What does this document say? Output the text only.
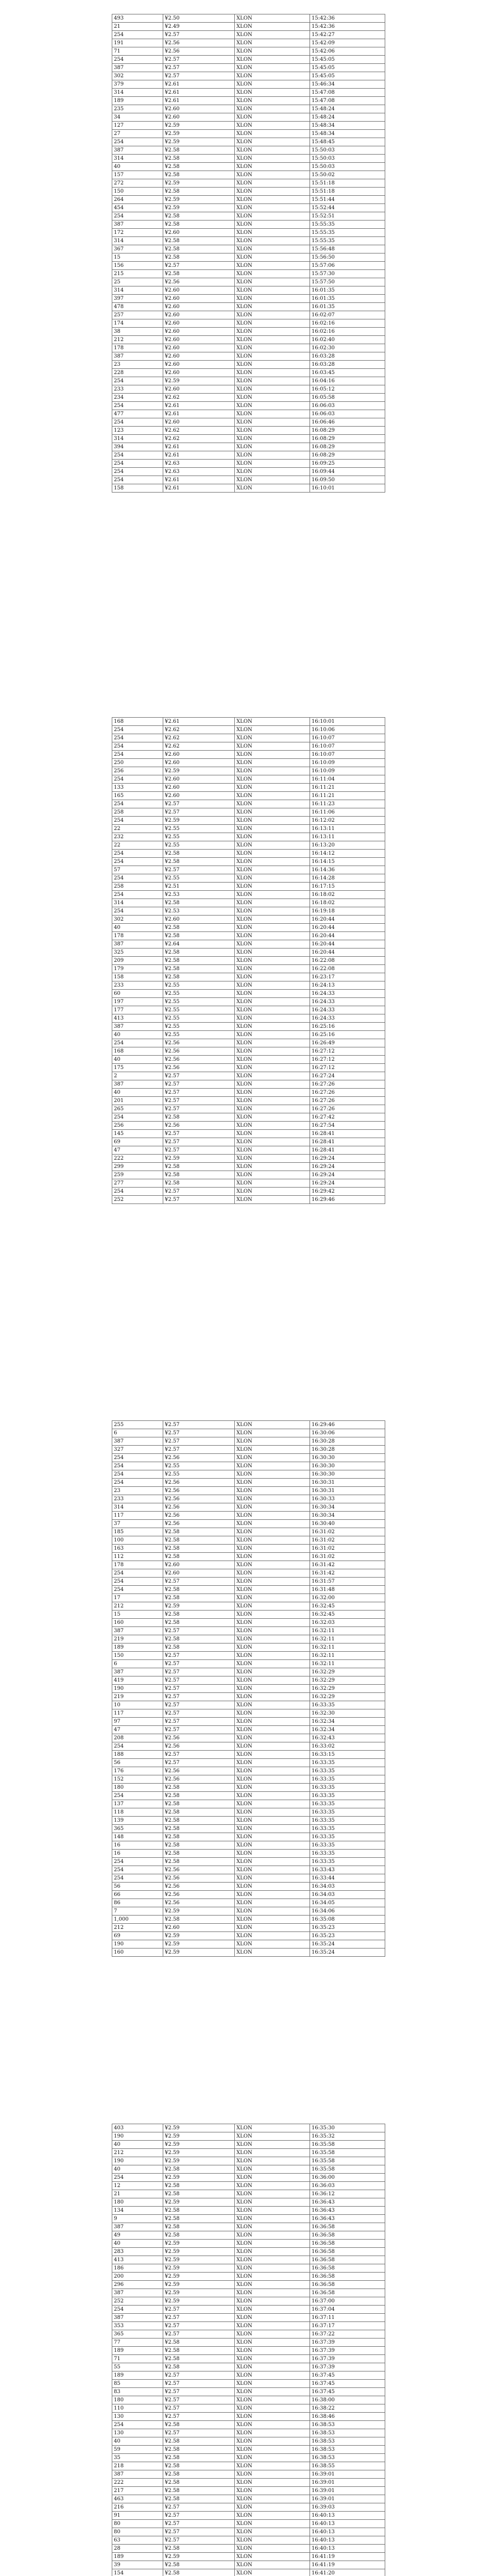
493	¥2.50	XLON	15:42:36
21	¥2.49	XLON	15:42:36
254	¥2.57	XLON	15:42:27
191	¥2.56	XLON	15:42:09
71	¥2.56	XLON	15:42:06
254	¥2.57	XLON	15:45:05
387	¥2.57	XLON	15:45:05
302	¥2.57	XLON	15:45:05
379	¥2.61	XLON	15:46:34
314	¥2.61	XLON	15:47:08
189	¥2.61	XLON	15:47:08
235	¥2.60	XLON	15:48:24
34	¥2.60	XLON	15:48:24
127	¥2.59	XLON	15:48:34
27	¥2.59	XLON	15:48:34
254	¥2.59	XLON	15:48:45
387	¥2.58	XLON	15:50:03
314	¥2.58	XLON	15:50:03
40	¥2.58	XLON	15:50:03
157	¥2.58	XLON	15:50:02
272	¥2.59	XLON	15:51:18
150	¥2.58	XLON	15:51:18
264	¥2.59	XLON	15:51:44
454	¥2.59	XLON	15:52:44
254	¥2.58	XLON	15:52:51
387	¥2.58	XLON	15:55:35
172	¥2.60	XLON	15:55:35
314	¥2.58	XLON	15:55:35
367	¥2.58	XLON	15:56:48
15	¥2.58	XLON	15:56:50
156	¥2.57	XLON	15:57:06
215	¥2.58	XLON	15:57:30
25	¥2.56	XLON	15:57:50
314	¥2.60	XLON	16:01:35
397	¥2.60	XLON	16:01:35
478	¥2.60	XLON	16:01:35
257	¥2.60	XLON	16:02:07
174	¥2.60	XLON	16:02:16
38	¥2.60	XLON	16:02:16
212	¥2.60	XLON	16:02:40
178	¥2.60	XLON	16:02:30
387	¥2.60	XLON	16:03:28
23	¥2.60	XLON	16:03:28
228	¥2.60	XLON	16:03:45
254	¥2.59	XLON	16:04:16
233	¥2.60	XLON	16:05:12
234	¥2.62	XLON	16:05:58
254	¥2.61	XLON	16:06:03
477	¥2.61	XLON	16:06:03
254	¥2.60	XLON	16:06:46
123	¥2.62	XLON	16:08:29
314	¥2.62	XLON	16:08:29
394	¥2.61	XLON	16:08:29
254	¥2.61	XLON	16:08:29
254	¥2.63	XLON	16:09:25
254	¥2.63	XLON	16:09:44
254	¥2.61	XLON	16:09:50
158	¥2.61	XLON	16:10:01
168	¥2.61	XLON	16:10:01
254	¥2.62	XLON	16:10:06
254	¥2.62	XLON	16:10:07
254	¥2.62	XLON	16:10:07
254	¥2.60	XLON	16:10:07
250	¥2.60	XLON	16:10:09
256	¥2.59	XLON	16:10:09
254	¥2.60	XLON	16:11:04
133	¥2.60	XLON	16:11:21
165	¥2.60	XLON	16:11:21
254	¥2.57	XLON	16:11:23
258	¥2.57	XLON	16:11:06
254	¥2.59	XLON	16:12:02
22	¥2.55	XLON	16:13:11
232	¥2.55	XLON	16:13:11
22	¥2.55	XLON	16:13:20
254	¥2.58	XLON	16:14:12
254	¥2.58	XLON	16:14:15
57	¥2.57	XLON	16:14:36
254	¥2.55	XLON	16:14:28
258	¥2.51	XLON	16:17:15
254	¥2.53	XLON	16:18:02
314	¥2.58	XLON	16:18:02
254	¥2.53	XLON	16:19:18
302	¥2.60	XLON	16:20:44
40	¥2.58	XLON	16:20:44
178	¥2.58	XLON	16:20:44
387	¥2.64	XLON	16:20:44
325	¥2.58	XLON	16:20:44
209	¥2.58	XLON	16:22:08
179	¥2.58	XLON	16:22:08
158	¥2.58	XLON	16:23:17
233	¥2.55	XLON	16:24:13
60	¥2.55	XLON	16:24:33
197	¥2.55	XLON	16:24:33
177	¥2.55	XLON	16:24:33
413	¥2.55	XLON	16:24:33
387	¥2.55	XLON	16:25:16
40	¥2.55	XLON	16:25:16
254	¥2.56	XLON	16:26:49
168	¥2.56	XLON	16:27:12
40	¥2.56	XLON	16:27:12
175	¥2.56	XLON	16:27:12
2	¥2.57	XLON	16:27:24
387	¥2.57	XLON	16:27:26
40	¥2.57	XLON	16:27:26
201	¥2.57	XLON	16:27:26
265	¥2.57	XLON	16:27:26
254	¥2.58	XLON	16:27:42
256	¥2.56	XLON	16:27:54
145	¥2.57	XLON	16:28:41
69	¥2.57	XLON	16:28:41
47	¥2.57	XLON	16:28:41
222	¥2.59	XLON	16:29:24
299	¥2.58	XLON	16:29:24
259	¥2.58	XLON	16:29:24
277	¥2.58	XLON	16:29:24
254	¥2.57	XLON	16:29:42
252	¥2.57	XLON	16:29:46
255	¥2.57	XLON	16:29:46
6	¥2.57	XLON	16:30:06
387	¥2.57	XLON	16:30:28
327	¥2.57	XLON	16:30:28
254	¥2.56	XLON	16:30:30
254	¥2.55	XLON	16:30:30
254	¥2.55	XLON	16:30:30
254	¥2.56	XLON	16:30:31
23	¥2.56	XLON	16:30:31
233	¥2.56	XLON	16:30:33
314	¥2.56	XLON	16:30:34
117	¥2.56	XLON	16:30:34
37	¥2.56	XLON	16:30:40
185	¥2.58	XLON	16:31:02
100	¥2.58	XLON	16:31:02
163	¥2.58	XLON	16:31:02
112	¥2.58	XLON	16:31:02
178	¥2.60	XLON	16:31:42
254	¥2.60	XLON	16:31:42
254	¥2.57	XLON	16:31:57
254	¥2.58	XLON	16:31:48
17	¥2.58	XLON	16:32:00
212	¥2.59	XLON	16:32:45
15	¥2.58	XLON	16:32:45
160	¥2.58	XLON	16:32:03
387	¥2.57	XLON	16:32:11
219	¥2.58	XLON	16:32:11
189	¥2.58	XLON	16:32:11
150	¥2.57	XLON	16:32:11
6	¥2.57	XLON	16:32:11
387	¥2.57	XLON	16:32:29
419	¥2.57	XLON	16:32:29
190	¥2.57	XLON	16:32:29
219	¥2.57	XLON	16:32:29
10	¥2.57	XLON	16:33:35
117	¥2.57	XLON	16:32:30
97	¥2.57	XLON	16:32:34
47	¥2.57	XLON	16:32:34
208	¥2.56	XLON	16:32:43
254	¥2.56	XLON	16:33:02
188	¥2.57	XLON	16:33:15
56	¥2.57	XLON	16:33:35
176	¥2.56	XLON	16:33:35
152	¥2.56	XLON	16:33:35
180	¥2.58	XLON	16:33:35
254	¥2.58	XLON	16:33:35
137	¥2.58	XLON	16:33:35
118	¥2.58	XLON	16:33:35
139	¥2.58	XLON	16:33:35
365	¥2.58	XLON	16:33:35
148	¥2.58	XLON	16:33:35
16	¥2.58	XLON	16:33:35
16	¥2.58	XLON	16:33:35
254	¥2.58	XLON	16:33:35
254	¥2.56	XLON	16:33:43
254	¥2.56	XLON	16:33:44
56	¥2.56	XLON	16:34:03
66	¥2.56	XLON	16:34:03
86	¥2.56	XLON	16:34:05
7	¥2.59	XLON	16:34:06
1,000	¥2.58	XLON	16:35:08
212	¥2.60	XLON	16:35:23
69	¥2.59	XLON	16:35:23
190	¥2.59	XLON	16:35:24
160	¥2.59	XLON	16:35:24
403	¥2.59	XLON	16:35:30
190	¥2.59	XLON	16:35:32
40	¥2.59	XLON	16:35:58
212	¥2.59	XLON	16:35:58
190	¥2.59	XLON	16:35:58
40	¥2.58	XLON	16:35:58
254	¥2.59	XLON	16:36:00
12	¥2.58	XLON	16:36:03
21	¥2.58	XLON	16:36:12
180	¥2.59	XLON	16:36:43
134	¥2.58	XLON	16:36:43
9	¥2.58	XLON	16:36:43
387	¥2.58	XLON	16:36:58
49	¥2.58	XLON	16:36:58
40	¥2.59	XLON	16:36:58
283	¥2.59	XLON	16:36:58
413	¥2.59	XLON	16:36:58
186	¥2.59	XLON	16:36:58
200	¥2.59	XLON	16:36:58
296	¥2.59	XLON	16:36:58
387	¥2.59	XLON	16:36:58
252	¥2.59	XLON	16:37:00
254	¥2.57	XLON	16:37:04
387	¥2.57	XLON	16:37:11
353	¥2.57	XLON	16:37:17
365	¥2.57	XLON	16:37:22
77	¥2.58	XLON	16:37:39
189	¥2.58	XLON	16:37:39
71	¥2.58	XLON	16:37:39
55	¥2.58	XLON	16:37:39
189	¥2.57	XLON	16:37:45
85	¥2.57	XLON	16:37:45
83	¥2.57	XLON	16:37:45
180	¥2.57	XLON	16:38:00
110	¥2.57	XLON	16:38:22
130	¥2.57	XLON	16:38:46
254	¥2.58	XLON	16:38:53
130	¥2.57	XLON	16:38:53
40	¥2.58	XLON	16:38:53
59	¥2.58	XLON	16:38:53
35	¥2.58	XLON	16:38:53
218	¥2.58	XLON	16:38:55
387	¥2.58	XLON	16:39:01
222	¥2.58	XLON	16:39:01
217	¥2.58	XLON	16:39:01
463	¥2.58	XLON	16:39:01
216	¥2.57	XLON	16:39:03
91	¥2.57	XLON	16:40:13
80	¥2.57	XLON	16:40:13
80	¥2.57	XLON	16:40:13
63	¥2.57	XLON	16:40:13
28	¥2.58	XLON	16:40:13
189	¥2.59	XLON	16:41:19
39	¥2.58	XLON	16:41:19
154	¥2.58	XLON	16:41:20
